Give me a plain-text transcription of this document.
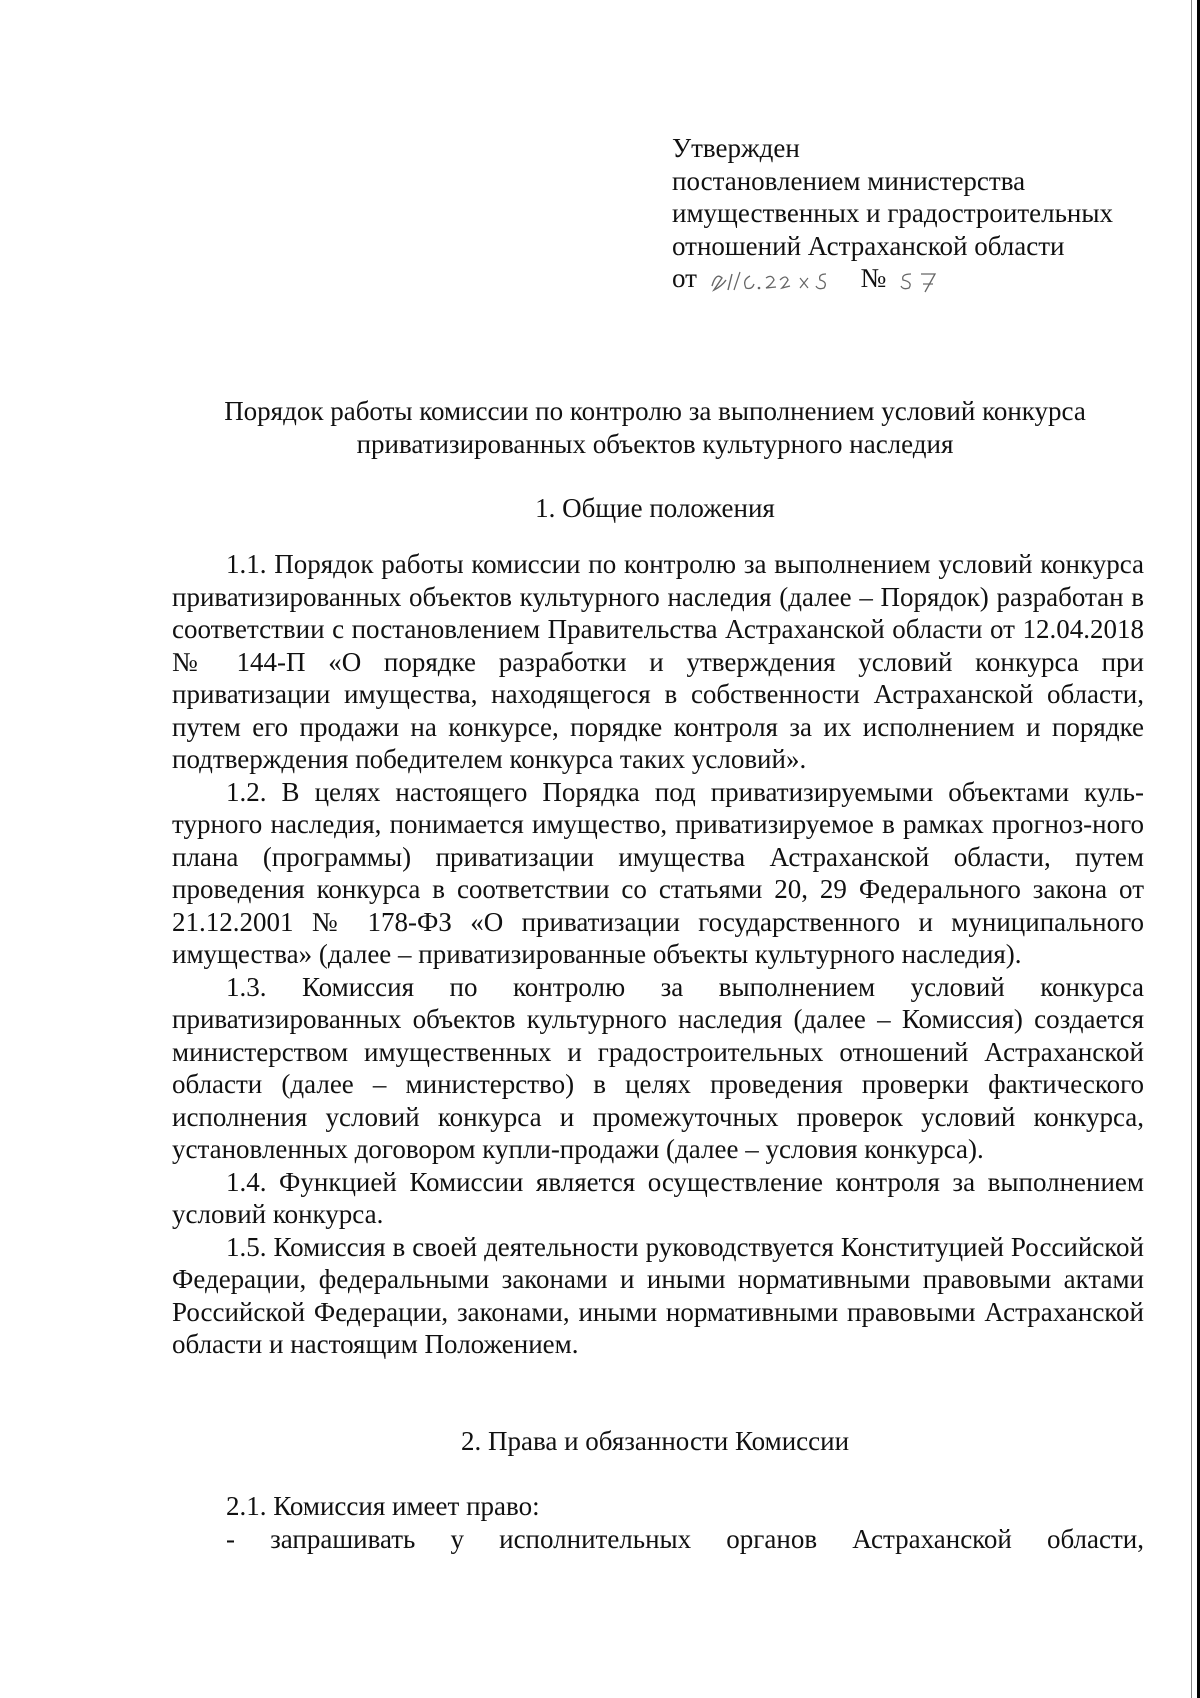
Утвержден
постановлением министерства
имущественных и градостроительных
отношений Астраханской области
от	№
Порядок работы комиссии по контролю за выполнением условий конкурса
приватизированных объектов культурного наследия
1. Общие положения

1.1. Порядок работы комиссии по контролю за выполнением условий конкурса приватизированных объектов культурного наследия (далее – Порядок) разработан в соответствии с постановлением Правительства Астраханской области от 12.04.2018 № 144-П «О порядке разработки и утверждения условий конкурса при приватизации имущества, находящегося в собственности Астраханской области, путем его продажи на конкурсе, порядке контроля за их исполнением и порядке подтверждения победителем конкурса таких условий».

1.2. В целях настоящего Порядка под приватизируемыми объектами куль-турного наследия, понимается имущество, приватизируемое в рамках прогноз-ного плана (программы) приватизации имущества Астраханской области, путем проведения конкурса в соответствии со статьями 20, 29 Федерального закона от 21.12.2001 № 178-ФЗ «О приватизации государственного и муниципального имущества» (далее – приватизированные объекты культурного наследия).

1.3. Комиссия по контролю за выполнением условий конкурса приватизированных объектов культурного наследия (далее – Комиссия) создается министерством имущественных и градостроительных отношений Астраханской области (далее – министерство) в целях проведения проверки фактического исполнения условий конкурса и промежуточных проверок условий конкурса, установленных договором купли-продажи (далее – условия конкурса).

1.4. Функцией Комиссии является осуществление контроля за выполнением условий конкурса.

1.5. Комиссия в своей деятельности руководствуется Конституцией Российской Федерации, федеральными законами и иными нормативными правовыми актами Российской Федерации, законами, иными нормативными правовыми Астраханской области и настоящим Положением.

2. Права и обязанности Комиссии

2.1. Комиссия имеет право:

- запрашивать у исполнительных органов Астраханской области,
